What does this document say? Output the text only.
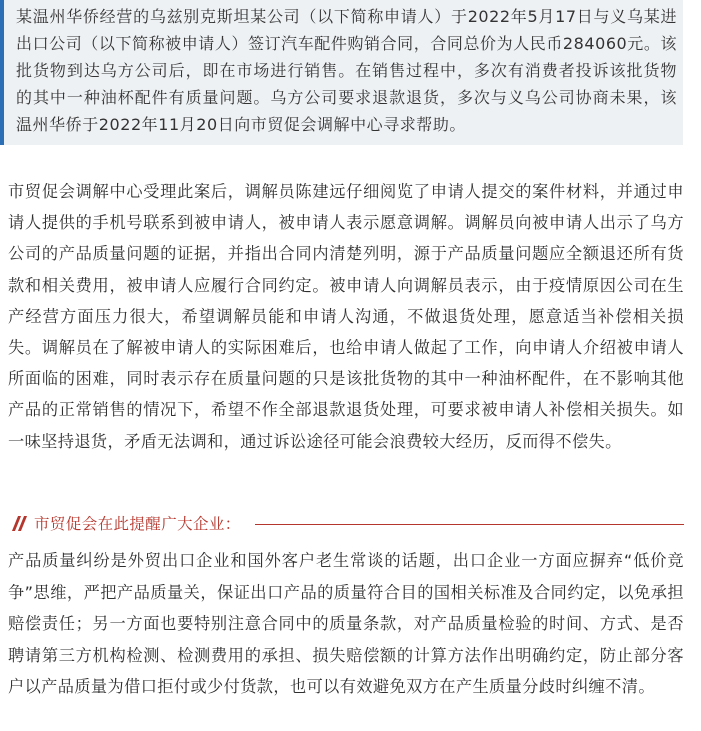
某温州华侨经营的乌兹别克斯坦某公司（以下简称申请人）于2022年5月17日与义乌某进出口公司（以下简称被申请人）签订汽车配件购销合同，合同总价为人民币284060元。该批货物到达乌方公司后，即在市场进行销售。在销售过程中，多次有消费者投诉该批货物的其中一种油杯配件有质量问题。乌方公司要求退款退货，多次与义乌公司协商未果，该温州华侨于2022年11月20日向市贸促会调解中心寻求帮助。

市贸促会调解中心受理此案后，调解员陈建远仔细阅览了申请人提交的案件材料，并通过申请人提供的手机号联系到被申请人，被申请人表示愿意调解。调解员向被申请人出示了乌方公司的产品质量问题的证据，并指出合同内清楚列明，源于产品质量问题应全额退还所有货款和相关费用，被申请人应履行合同约定。被申请人向调解员表示，由于疫情原因公司在生产经营方面压力很大，希望调解员能和申请人沟通，不做退货处理，愿意适当补偿相关损失。调解员在了解被申请人的实际困难后，也给申请人做起了工作，向申请人介绍被申请人所面临的困难，同时表示存在质量问题的只是该批货物的其中一种油杯配件，在不影响其他产品的正常销售的情况下，希望不作全部退款退货处理，可要求被申请人补偿相关损失。如一味坚持退货，矛盾无法调和，通过诉讼途径可能会浪费较大经历，反而得不偿失。

市贸促会在此提醒广大企业：

产品质量纠纷是外贸出口企业和国外客户老生常谈的话题，出口企业一方面应摒弃“低价竞争”思维，严把产品质量关，保证出口产品的质量符合目的国相关标准及合同约定，以免承担赔偿责任；另一方面也要特别注意合同中的质量条款，对产品质量检验的时间、方式、是否聘请第三方机构检测、检测费用的承担、损失赔偿额的计算方法作出明确约定，防止部分客户以产品质量为借口拒付或少付货款，也可以有效避免双方在产生质量分歧时纠缠不清。
